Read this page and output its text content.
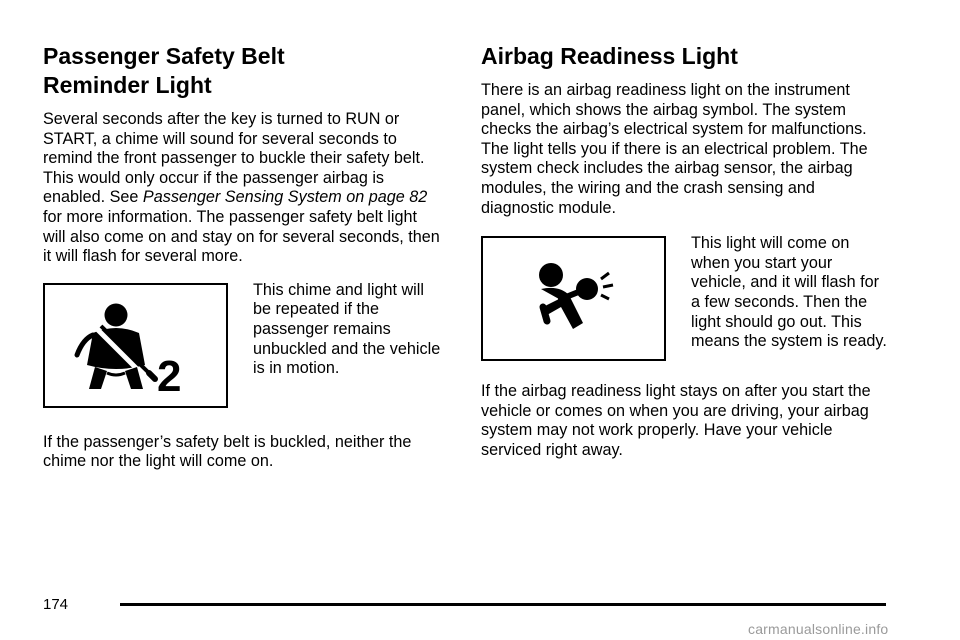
Passenger Safety Belt
Reminder Light

Several seconds after the key is turned to RUN or START, a chime will sound for several seconds to remind the front passenger to buckle their safety belt. This would only occur if the passenger airbag is enabled. See Passenger Sensing System on page 82 for more information. The passenger safety belt light will also come on and stay on for several seconds, then it will flash for several more.

2

This chime and light will be repeated if the passenger remains unbuckled and the vehicle is in motion.

If the passenger’s safety belt is buckled, neither the chime nor the light will come on.

Airbag Readiness Light

There is an airbag readiness light on the instrument panel, which shows the airbag symbol. The system checks the airbag’s electrical system for malfunctions. The light tells you if there is an electrical problem. The system check includes the airbag sensor, the airbag modules, the wiring and the crash sensing and diagnostic module.

This light will come on when you start your vehicle, and it will flash for a few seconds. Then the light should go out. This means the system is ready.

If the airbag readiness light stays on after you start the vehicle or comes on when you are driving, your airbag system may not work properly. Have your vehicle serviced right away.

174
carmanualsonline.info
